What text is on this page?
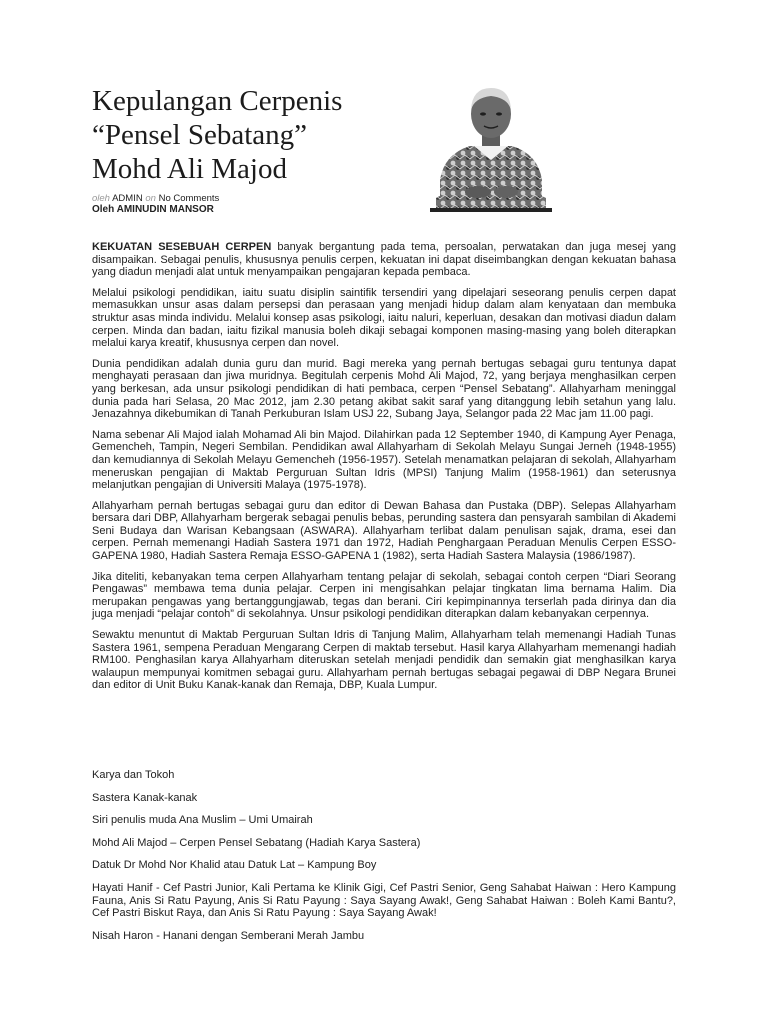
Kepulangan Cerpenis
“Pensel Sebatang”
Mohd Ali Majod
oleh ADMIN on No Comments
Oleh AMINUDIN MANSOR

KEKUATAN SESEBUAH CERPEN banyak bergantung pada tema, persoalan, perwatakan dan juga mesej yang disampaikan. Sebagai penulis, khususnya penulis cerpen, kekuatan ini dapat diseimbangkan dengan kekuatan bahasa yang diadun menjadi alat untuk menyampaikan pengajaran kepada pembaca.

Melalui psikologi pendidikan, iaitu suatu disiplin saintifik tersendiri yang dipelajari seseorang penulis cerpen dapat memasukkan unsur asas dalam persepsi dan perasaan yang menjadi hidup dalam alam kenyataan dan membuka struktur asas minda individu. Melalui konsep asas psikologi, iaitu naluri, keperluan, desakan dan motivasi diadun dalam cerpen. Minda dan badan, iaitu fizikal manusia boleh dikaji sebagai komponen masing-masing yang boleh diterapkan melalui karya kreatif, khususnya cerpen dan novel.

Dunia pendidikan adalah dunia guru dan murid. Bagi mereka yang pernah bertugas sebagai guru tentunya dapat menghayati perasaan dan jiwa muridnya. Begitulah cerpenis Mohd Ali Majod, 72, yang berjaya menghasilkan cerpen yang berkesan, ada unsur psikologi pendidikan di hati pembaca, cerpen “Pensel Sebatang”. Allahyarham meninggal dunia pada hari Selasa, 20 Mac 2012, jam 2.30 petang akibat sakit saraf yang ditanggung lebih setahun yang lalu. Jenazahnya dikebumikan di Tanah Perkuburan Islam USJ 22, Subang Jaya, Selangor pada 22 Mac jam 11.00 pagi.

Nama sebenar Ali Majod ialah Mohamad Ali bin Majod. Dilahirkan pada 12 September 1940, di Kampung Ayer Penaga, Gemencheh, Tampin, Negeri Sembilan. Pendidikan awal Allahyarham di Sekolah Melayu Sungai Jerneh (1948-1955) dan kemudiannya di Sekolah Melayu Gemencheh (1956-1957). Setelah menamatkan pelajaran di sekolah, Allahyarham meneruskan pengajian di Maktab Perguruan Sultan Idris (MPSI) Tanjung Malim (1958-1961) dan seterusnya melanjutkan pengajian di Universiti Malaya (1975-1978).

Allahyarham pernah bertugas sebagai guru dan editor di Dewan Bahasa dan Pustaka (DBP). Selepas Allahyarham bersara dari DBP, Allahyarham bergerak sebagai penulis bebas, perunding sastera dan pensyarah sambilan di Akademi Seni Budaya dan Warisan Kebangsaan (ASWARA). Allahyarham terlibat dalam penulisan sajak, drama, esei dan cerpen. Pernah memenangi Hadiah Sastera 1971 dan 1972, Hadiah Penghargaan Peraduan Menulis Cerpen ESSO-GAPENA 1980, Hadiah Sastera Remaja ESSO-GAPENA 1 (1982), serta Hadiah Sastera Malaysia (1986/1987).

Jika diteliti, kebanyakan tema cerpen Allahyarham tentang pelajar di sekolah, sebagai contoh cerpen “Diari Seorang Pengawas” membawa tema dunia pelajar. Cerpen ini mengisahkan pelajar tingkatan lima bernama Halim. Dia merupakan pengawas yang bertanggungjawab, tegas dan berani. Ciri kepimpinannya terserlah pada dirinya dan dia juga menjadi “pelajar contoh” di sekolahnya. Unsur psikologi pendidikan diterapkan dalam kebanyakan cerpennya.

Sewaktu menuntut di Maktab Perguruan Sultan Idris di Tanjung Malim, Allahyarham telah memenangi Hadiah Tunas Sastera 1961, sempena Peraduan Mengarang Cerpen di maktab tersebut. Hasil karya Allahyarham memenangi hadiah RM100. Penghasilan karya Allahyarham diteruskan setelah menjadi pendidik dan semakin giat menghasilkan karya walaupun mempunyai komitmen sebagai guru. Allahyarham pernah bertugas sebagai pegawai di DBP Negara Brunei dan editor di Unit Buku Kanak-kanak dan Remaja, DBP, Kuala Lumpur.

Karya dan Tokoh

Sastera Kanak-kanak

Siri penulis muda Ana Muslim – Umi Umairah

Mohd Ali Majod – Cerpen Pensel Sebatang (Hadiah Karya Sastera)

Datuk Dr Mohd Nor Khalid atau Datuk Lat – Kampung Boy

Hayati Hanif - Cef Pastri Junior, Kali Pertama ke Klinik Gigi, Cef Pastri Senior, Geng Sahabat Haiwan : Hero Kampung Fauna, Anis Si Ratu Payung, Anis Si Ratu Payung : Saya Sayang Awak!, Geng Sahabat Haiwan : Boleh Kami Bantu?, Cef Pastri Biskut Raya, dan Anis Si Ratu Payung : Saya Sayang Awak!

Nisah Haron - Hanani dengan Semberani Merah Jambu
